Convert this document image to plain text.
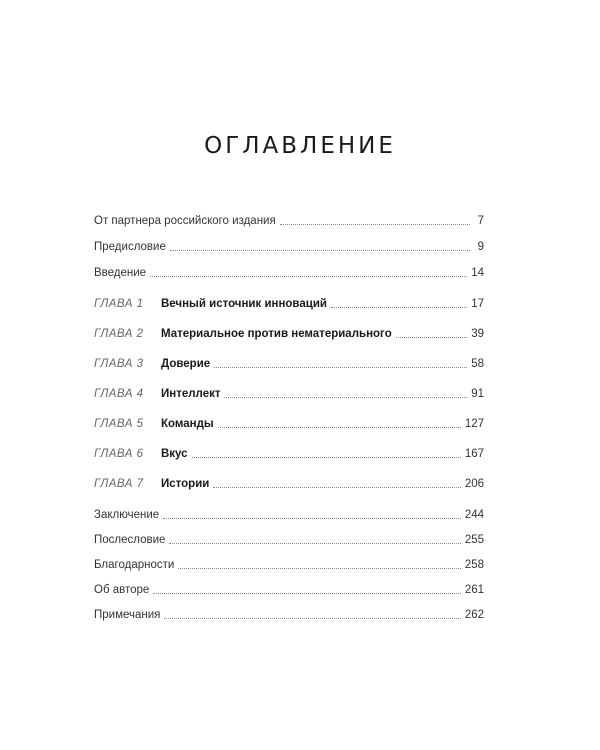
ОГЛАВЛЕНИЕ
От партнера российского издания	7
Предисловие	9
Введение	14
ГЛАВА 1	Вечный источник инноваций	17
ГЛАВА 2	Материальное против нематериального	39
ГЛАВА 3	Доверие	58
ГЛАВА 4	Интеллект	91
ГЛАВА 5	Команды	127
ГЛАВА 6	Вкус	167
ГЛАВА 7	Истории	206
Заключение	244
Послесловие	255
Благодарности	258
Об авторе	261
Примечания	262
